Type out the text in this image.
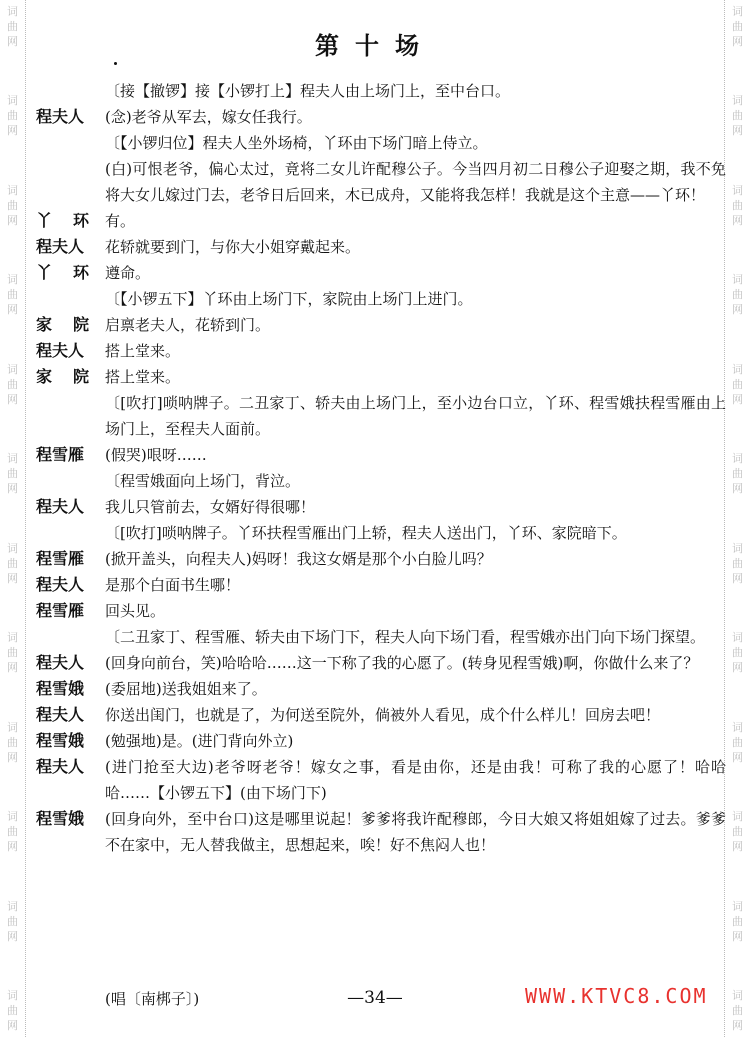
词
曲
网
词
曲
网
词
曲
网
词
曲
网
词
曲
网
词
曲
网
词
曲
网
词
曲
网
词
曲
网
词
曲
网
词
曲
网
词
曲
网
词
曲
网
词
曲
网
词
曲
网
词
曲
网
词
曲
网
词
曲
网
词
曲
网
词
曲
网
词
曲
网
词
曲
网
词
曲
网
词
曲
网
第十场
〔接【撤锣】接【小锣打上】程夫人由上场门上，至中台口。
程夫人	(念)老爷从军去，嫁女任我行。
〔【小锣归位】程夫人坐外场椅，丫环由下场门暗上侍立。
(白)可恨老爷，偏心太过，竟将二女儿许配穆公子。今当四月初二日穆公子迎娶之期，我不免将大女儿嫁过门去，老爷日后回来，木已成舟，又能将我怎样！我就是这个主意——丫环！
丫 环 有。
程夫人	花轿就要到门，与你大小姐穿戴起来。
丫 环 遵命。
〔【小锣五下】丫环由上场门下，家院由上场门上进门。
家 院 启禀老夫人，花轿到门。
程夫人	搭上堂来。
家 院 搭上堂来。
〔[吹打]唢呐牌子。二丑家丁、轿夫由上场门上，至小边台口立，丫环、程雪娥扶程雪雁由上场门上，至程夫人面前。
程雪雁	(假哭)哏呀……
〔程雪娥面向上场门，背泣。
程夫人	我儿只管前去，女婿好得很哪！
〔[吹打]唢呐牌子。丫环扶程雪雁出门上轿，程夫人送出门，丫环、家院暗下。
程雪雁	(掀开盖头，向程夫人)妈呀！我这女婿是那个小白脸儿吗？
程夫人	是那个白面书生哪！
程雪雁	回头见。
〔二丑家丁、程雪雁、轿夫由下场门下，程夫人向下场门看，程雪娥亦出门向下场门探望。
程夫人	(回身向前台，笑)哈哈哈……这一下称了我的心愿了。(转身见程雪娥)啊，你做什么来了？
程雪娥	(委屈地)送我姐姐来了。
程夫人	你送出闺门，也就是了，为何送至院外，倘被外人看见，成个什么样儿！回房去吧！
程雪娥	(勉强地)是。(进门背向外立)
程夫人	(进门抢至大边)老爷呀老爷！嫁女之事，看是由你，还是由我！可称了我的心愿了！哈哈哈……【小锣五下】(由下场门下)
程雪娥	(回身向外，至中台口)这是哪里说起！爹爹将我许配穆郎，今日大娘又将姐姐嫁了过去。爹爹不在家中，无人替我做主，思想起来，唉！好不焦闷人也！
(唱〔南梆子〕)	—34—	WWW.KTVC8.COM
